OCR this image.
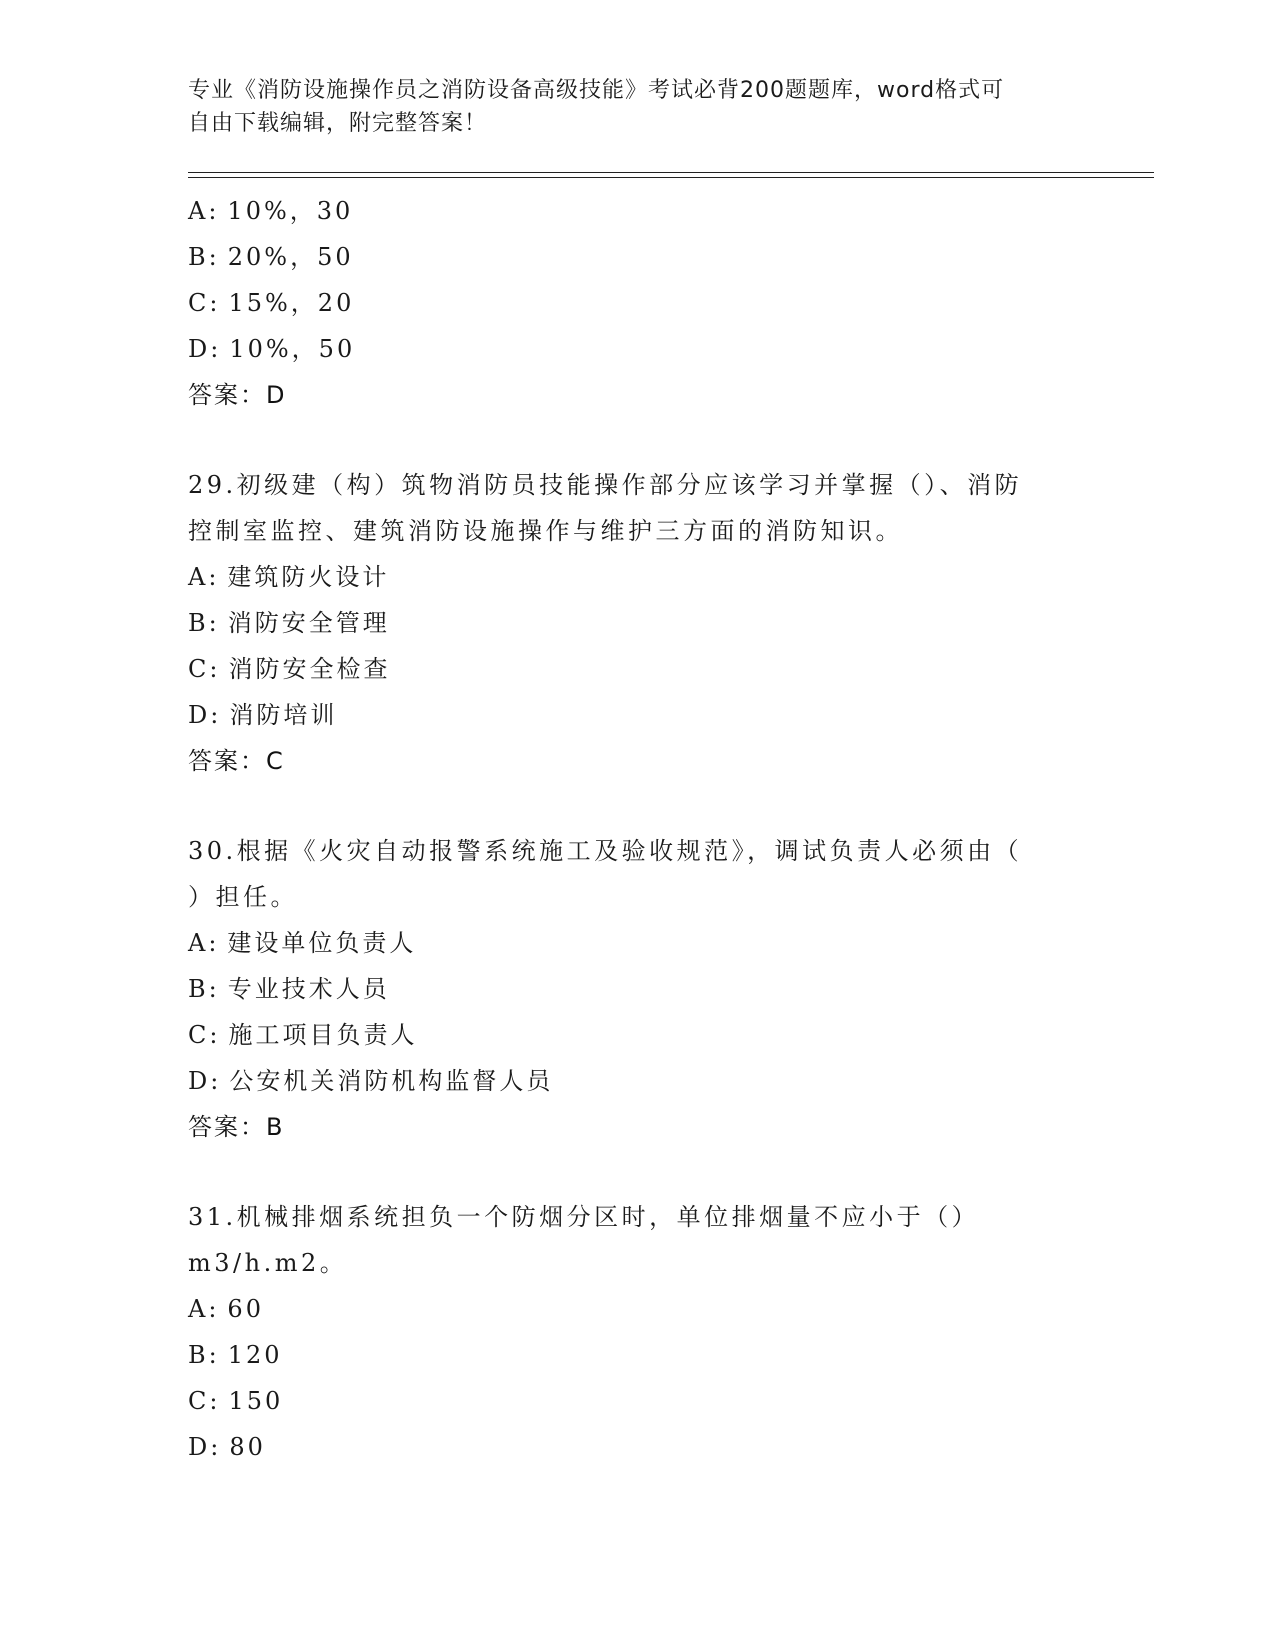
专业《消防设施操作员之消防设备高级技能》考试必背200题题库，word格式可
自由下载编辑，附完整答案！
A: 10%，30
B: 20%，50
C: 15%，20
D: 10%，50
答案：D
29.初级建（构）筑物消防员技能操作部分应该学习并掌握（）、消防
控制室监控、建筑消防设施操作与维护三方面的消防知识。
A: 建筑防火设计
B: 消防安全管理
C: 消防安全检查
D: 消防培训
答案：C
30.根据《火灾自动报警系统施工及验收规范》，调试负责人必须由（
）担任。
A: 建设单位负责人
B: 专业技术人员
C: 施工项目负责人
D: 公安机关消防机构监督人员
答案：B
31.机械排烟系统担负一个防烟分区时，单位排烟量不应小于（）
m3/h.m2。
A: 60
B: 120
C: 150
D: 80
